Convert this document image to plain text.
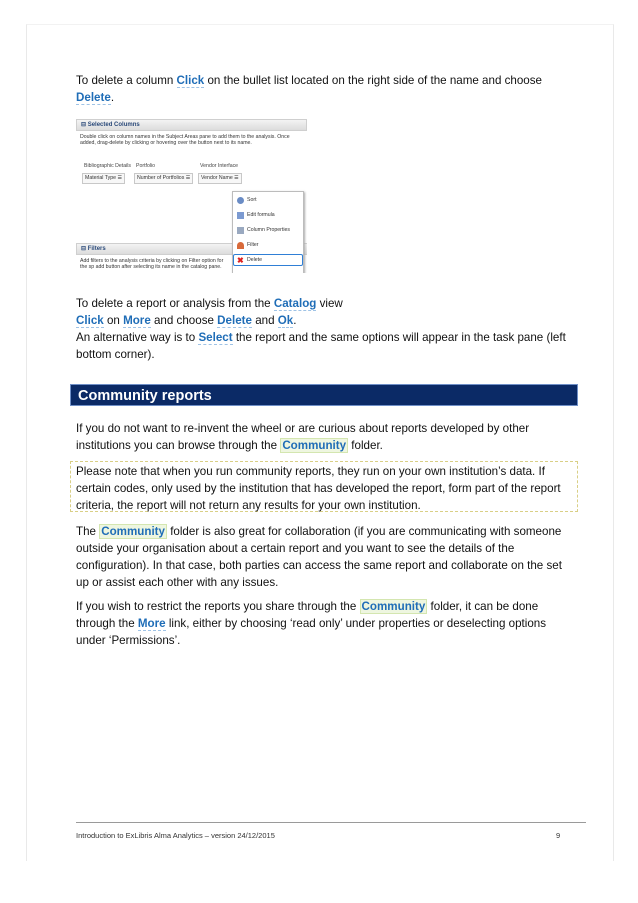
To delete a column Click on the bullet list located on the right side of the name and choose

Delete.

⊟ Selected Columns
Double click on column names in the Subject Areas pane to add them to the analysis. Once added, drag-delete by clicking or hovering over the button next to its name.
Bibliographic Details Portfolio	Vendor Interface
Material Type ☰	Number of Portfolios ☰	Vendor Name ☰
⊟ Filters
Add filters to the analysis criteria by clicking on Filter option for the sp add button after selecting its name in the catalog pane.
Sort
Edit formula
Column Properties
Filter
✖ Delete

To delete a report or analysis from the Catalog view

Click on More and choose Delete and Ok.

An alternative way is to Select the report and the same options will appear in the task pane (left

bottom corner).

Community reports

If you do not want to re-invent the wheel or are curious about reports developed by other

institutions you can browse through the Community folder.

Please note that when you run community reports, they run on your own institution’s data. If

certain codes, only used by the institution that has developed the report, form part of the report

criteria, the report will not return any results for your own institution.

The Community folder is also great for collaboration (if you are communicating with someone

outside your organisation about a certain report and you want to see the details of the

configuration). In that case, both parties can access the same report and collaborate on the set

up or assist each other with any issues.

If you wish to restrict the reports you share through the Community folder, it can be done

through the More link, either by choosing ‘read only’ under properties or deselecting options

under ‘Permissions’.

Introduction to ExLibris Alma Analytics – version 24/12/2015	9
